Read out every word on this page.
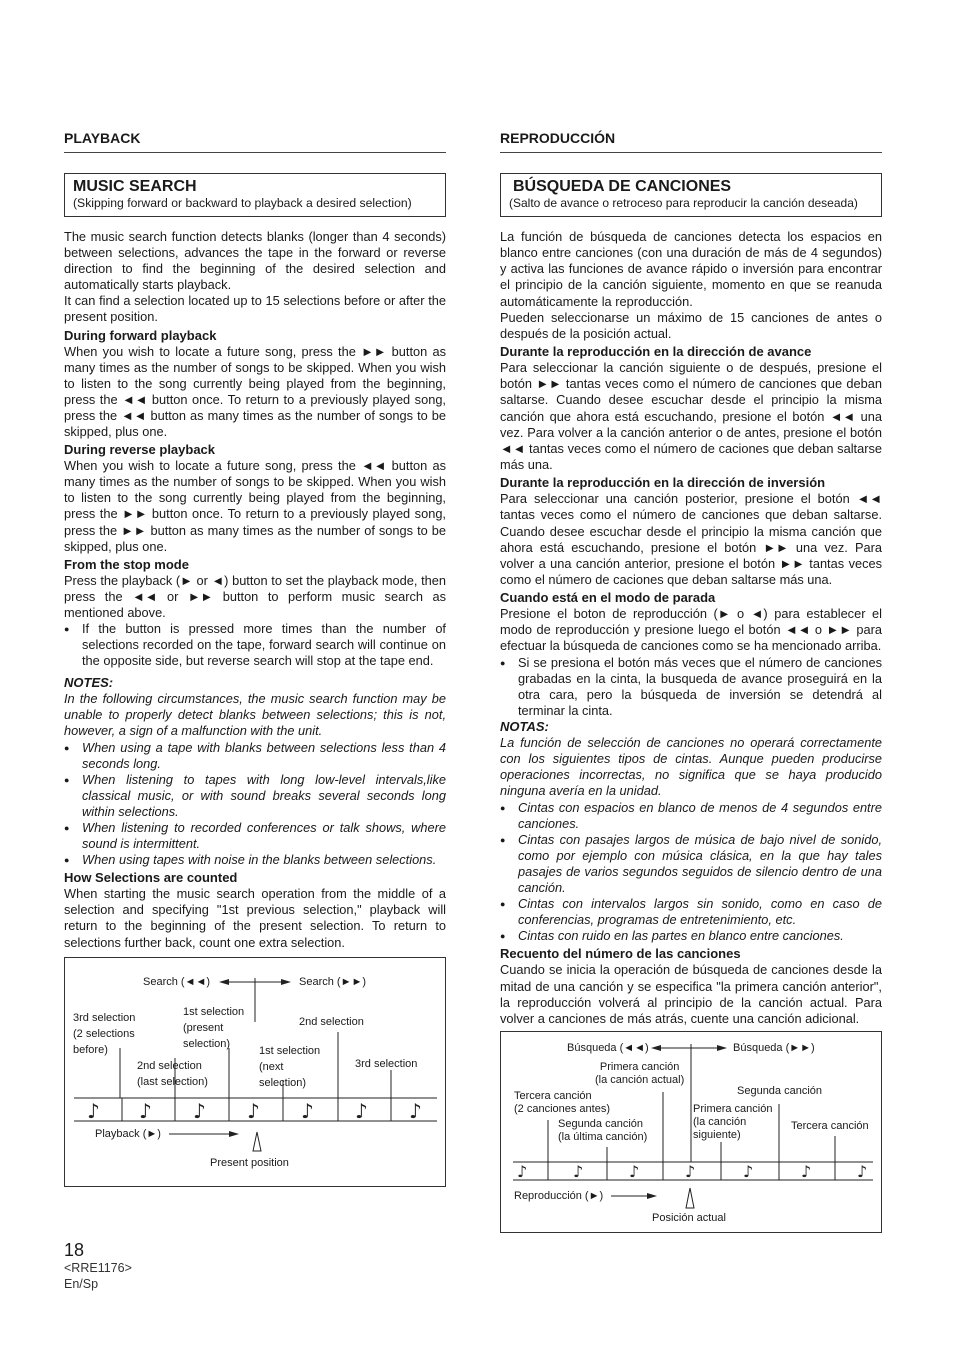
PLAYBACK
MUSIC SEARCH
(Skipping forward or backward to playback a desired selection)

The music search function detects blanks (longer than 4 seconds) between selections, advances the tape in the forward or reverse direction to find the beginning of the desired selection and automatically starts playback.

It can find a selection located up to 15 selections before or after the present position.

During forward playback

When you wish to locate a future song, press the ►► button as many times as the number of songs to be skipped. When you wish to listen to the song currently being played from the beginning, press the ◄◄ button once. To return to a previously played song, press the ◄◄ button as many times as the number of songs to be skipped, plus one.

During reverse playback

When you wish to locate a future song, press the ◄◄ button as many times as the number of songs to be skipped. When you wish to listen to the song currently being played from the beginning, press the ►► button once. To return to a previously played song, press the ►► button as many times as the number of songs to be skipped, plus one.

From the stop mode

Press the playback (► or ◄) button to set the playback mode, then press the ◄◄ or ►► button to perform music search as mentioned above.

● If the button is pressed more times than the number of selections recorded on the tape, forward search will continue on the opposite side, but reverse search will stop at the tape end.
NOTES:

In the following circumstances, the music search function may be unable to properly detect blanks between selections; this is not, however, a sign of a malfunction with the unit.

● When using a tape with blanks between selections less than 4 seconds long.
● When listening to tapes with long low-level intervals,like classical music, or with sound breaks several seconds long within selections.
● When listening to recorded conferences or talk shows, where sound is intermittent.
● When using tapes with noise in the blanks between selections.
How Selections are counted

When starting the music search operation from the middle of a selection and specifying "1st previous selection," playback will return to the beginning of the present selection. To return to selections further back, count one extra selection.

♪ ♪ ♪ ♪ ♪ ♪ ♪
Search (◄◄)	Search (►►)
3rd selection
(2 selections
before)
1st selection
(present
selection)
2nd selection
2nd selection
(last selection)
1st selection
(next
selection)
3rd selection
Playback (►)
Present position
REPRODUCCIÓN
BÚSQUEDA DE CANCIONES
(Salto de avance o retroceso para reproducir la canción deseada)

La función de búsqueda de canciones detecta los espacios en blanco entre canciones (con una duración de más de 4 segundos) y activa las funciones de avance rápido o inversión para encontrar el principio de la canción siguiente, momento en que se reanuda automáticamente la reproducción.

Pueden seleccionarse un máximo de 15 canciones de antes o después de la posición actual.

Durante la reproducción en la dirección de avance

Para seleccionar la canción siguiente o de después, presione el botón ►► tantas veces como el número de canciones que deban saltarse. Cuando desee escuchar desde el principio la misma canción que ahora está escuchando, presione el botón ◄◄ una vez. Para volver a la canción anterior o de antes, presione el botón ◄◄ tantas veces como el número de caciones que deban saltarse más una.

Durante la reproducción en la dirección de inversión

Para seleccionar una canción posterior, presione el botón ◄◄ tantas veces como el número de canciones que deban saltarse. Cuando desee escuchar desde el principio la misma canción que ahora está escuchando, presione el botón ►► una vez. Para volver a una canción anterior, presione el botón ►► tantas veces como el número de caciones que deban saltarse más una.

Cuando está en el modo de parada

Presione el boton de reproducción (► o ◄) para establecer el modo de reproducción y presione luego el botón ◄◄ o ►► para efectuar la búsqueda de canciones como se ha mencionado arriba.

● Si se presiona el botón más veces que el número de canciones grabadas en la cinta, la busqueda de avance proseguirá en la otra cara, pero la búsqueda de inversión se detendrá al terminar la cinta.
NOTAS:

La función de selección de canciones no operará correctamente con los siguientes tipos de cintas. Aunque pueden producirse operaciones incorrectas, no significa que se haya producido ninguna avería en la unidad.

● Cintas con espacios en blanco de menos de 4 segundos entre canciones.
● Cintas con pasajes largos de música de bajo nivel de sonido, como por ejemplo con música clásica, en la que hay tales pasajes de varios segundos seguidos de silencio dentro de una canción.
● Cintas con intervalos largos sin sonido, como en caso de conferencias, programas de entretenimiento, etc.
● Cintas con ruido en las partes en blanco entre canciones.
Recuento del número de las canciones

Cuando se inicia la operación de búsqueda de canciones desde la mitad de una canción y se especifica "la primera canción anterior", la reproducción volverá al principio de la canción actual. Para volver a canciones de más atrás, cuente una canción adicional.

♪	♪	♪	♪	♪	♪	♪
Búsqueda (◄◄)	Búsqueda (►►)
Primera canción
(la canción actual)
Segunda canción
Tercera canción
(2 canciones antes)	Primera canción
(la canción
siguiente)
Segunda canción
(la última canción)
Tercera canción
Reproducción (►)
Posición actual
18
<RRE1176>
En/Sp
